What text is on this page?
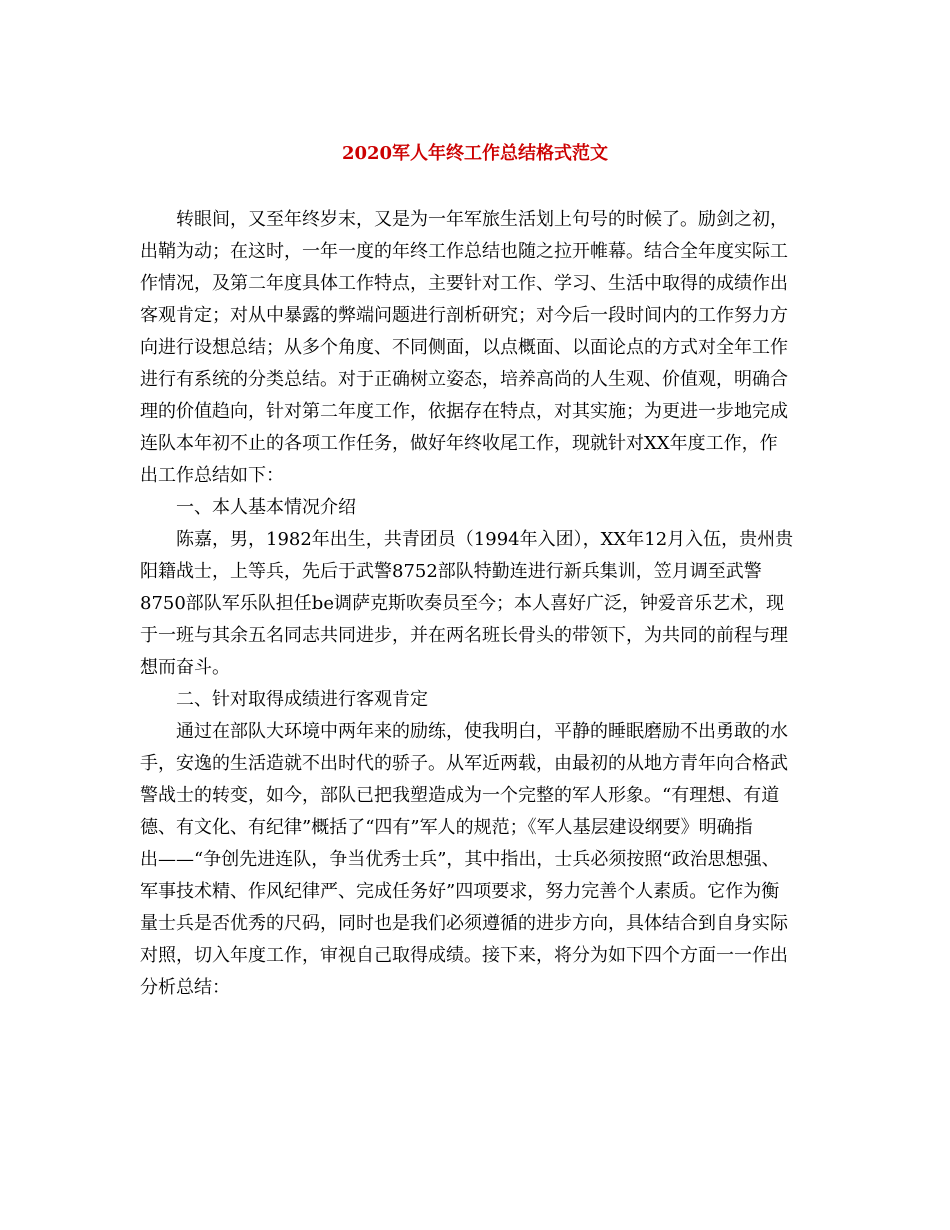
2020军人年终工作总结格式范文
转眼间，又至年终岁末，又是为一年军旅生活划上句号的时候了。励剑之初，
出鞘为动；在这时，一年一度的年终工作总结也随之拉开帷幕。结合全年度实际工
作情况，及第二年度具体工作特点，主要针对工作、学习、生活中取得的成绩作出
客观肯定；对从中暴露的弊端问题进行剖析研究；对今后一段时间内的工作努力方
向进行设想总结；从多个角度、不同侧面，以点概面、以面论点的方式对全年工作
进行有系统的分类总结。对于正确树立姿态，培养高尚的人生观、价值观，明确合
理的价值趋向，针对第二年度工作，依据存在特点，对其实施；为更进一步地完成
连队本年初不止的各项工作任务，做好年终收尾工作，现就针对XX年度工作，作
出工作总结如下：
一、本人基本情况介绍
陈嘉，男，1982年出生，共青团员（1994年入团），XX年12月入伍，贵州贵
阳籍战士，上等兵，先后于武警8752部队特勤连进行新兵集训，笠月调至武警
8750部队军乐队担任be调萨克斯吹奏员至今；本人喜好广泛，钟爱音乐艺术，现
于一班与其余五名同志共同进步，并在两名班长骨头的带领下，为共同的前程与理
想而奋斗。
二、针对取得成绩进行客观肯定
通过在部队大环境中两年来的励练，使我明白，平静的睡眠磨励不出勇敢的水
手，安逸的生活造就不出时代的骄子。从军近两载，由最初的从地方青年向合格武
警战士的转变，如今，部队已把我塑造成为一个完整的军人形象。“有理想、有道
德、有文化、有纪律”概括了“四有”军人的规范；《军人基层建设纲要》明确指
出——“争创先进连队，争当优秀士兵”，其中指出，士兵必须按照“政治思想强、
军事技术精、作风纪律严、完成任务好”四项要求，努力完善个人素质。它作为衡
量士兵是否优秀的尺码，同时也是我们必须遵循的进步方向，具体结合到自身实际
对照，切入年度工作，审视自己取得成绩。接下来，将分为如下四个方面一一作出
分析总结：
